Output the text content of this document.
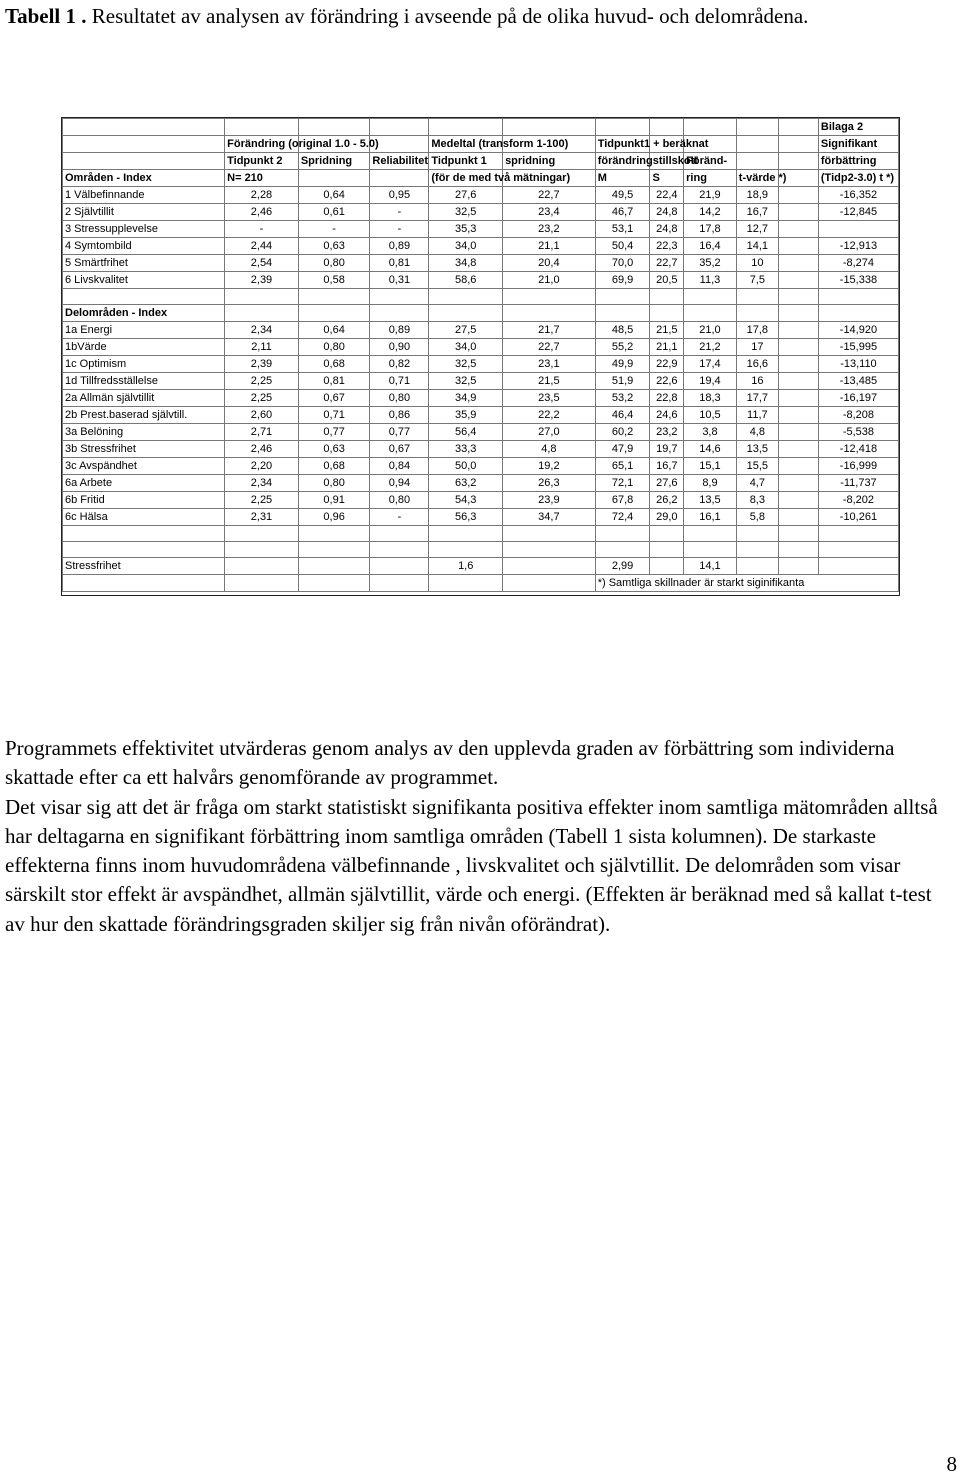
Tabell 1 . Resultatet av analysen av förändring i avseende på de olika huvud- och delområdena.
											Bilaga 2
	Förändring (original 1.0 - 5.0)			Medeltal (transform 1-100)		Tidpunkt1 + beräknat					Signifikant
	Tidpunkt 2	Spridning	Reliabilitet	Tidpunkt 1	spridning	förändringstillskott		Föränd-			förbättring
Områden - Index	N= 210			(för de med två mätningar)		M	S	ring	t-värde *)		(Tidp2-3.0) t *)
1 Välbefinnande	2,28	0,64	0,95	27,6	22,7	49,5	22,4	21,9	18,9		-16,352
2 Självtillit	2,46	0,61	-	32,5	23,4	46,7	24,8	14,2	16,7		-12,845
3 Stressupplevelse	-	-	-	35,3	23,2	53,1	24,8	17,8	12,7		
4 Symtombild	2,44	0,63	0,89	34,0	21,1	50,4	22,3	16,4	14,1		-12,913
5 Smärtfrihet	2,54	0,80	0,81	34,8	20,4	70,0	22,7	35,2	10		-8,274
6 Livskvalitet	2,39	0,58	0,31	58,6	21,0	69,9	20,5	11,3	7,5		-15,338

Delområden - Index											
1a Energi	2,34	0,64	0,89	27,5	21,7	48,5	21,5	21,0	17,8		-14,920
1bVärde	2,11	0,80	0,90	34,0	22,7	55,2	21,1	21,2	17		-15,995
1c Optimism	2,39	0,68	0,82	32,5	23,1	49,9	22,9	17,4	16,6		-13,110
1d Tillfredsställelse	2,25	0,81	0,71	32,5	21,5	51,9	22,6	19,4	16		-13,485
2a Allmän självtillit	2,25	0,67	0,80	34,9	23,5	53,2	22,8	18,3	17,7		-16,197
2b Prest.baserad självtill.	2,60	0,71	0,86	35,9	22,2	46,4	24,6	10,5	11,7		-8,208
3a Belöning	2,71	0,77	0,77	56,4	27,0	60,2	23,2	3,8	4,8		-5,538
3b Stressfrihet	2,46	0,63	0,67	33,3	4,8	47,9	19,7	14,6	13,5		-12,418
3c Avspändhet	2,20	0,68	0,84	50,0	19,2	65,1	16,7	15,1	15,5		-16,999
6a Arbete	2,34	0,80	0,94	63,2	26,3	72,1	27,6	8,9	4,7		-11,737
6b Fritid	2,25	0,91	0,80	54,3	23,9	67,8	26,2	13,5	8,3		-8,202
6c Hälsa	2,31	0,96	-	56,3	34,7	72,4	29,0	16,1	5,8		-10,261

Stressfrihet				1,6		2,99		14,1			
						*) Samtliga skillnader är starkt siginifikanta					

Programmets effektivitet utvärderas genom analys av den upplevda graden av förbättring som individerna skattade efter ca ett halvårs genomförande av programmet.

Det visar sig att det är fråga om starkt statistiskt signifikanta positiva effekter inom samtliga mätområden alltså har deltagarna en signifikant förbättring inom samtliga områden (Tabell 1 sista kolumnen). De starkaste effekterna finns inom huvudområdena välbefinnande , livskvalitet och självtillit. De delområden som visar särskilt stor effekt är avspändhet, allmän självtillit, värde och energi. (Effekten är beräknad med så kallat t-test av hur den skattade förändringsgraden skiljer sig från nivån oförändrat).

8
